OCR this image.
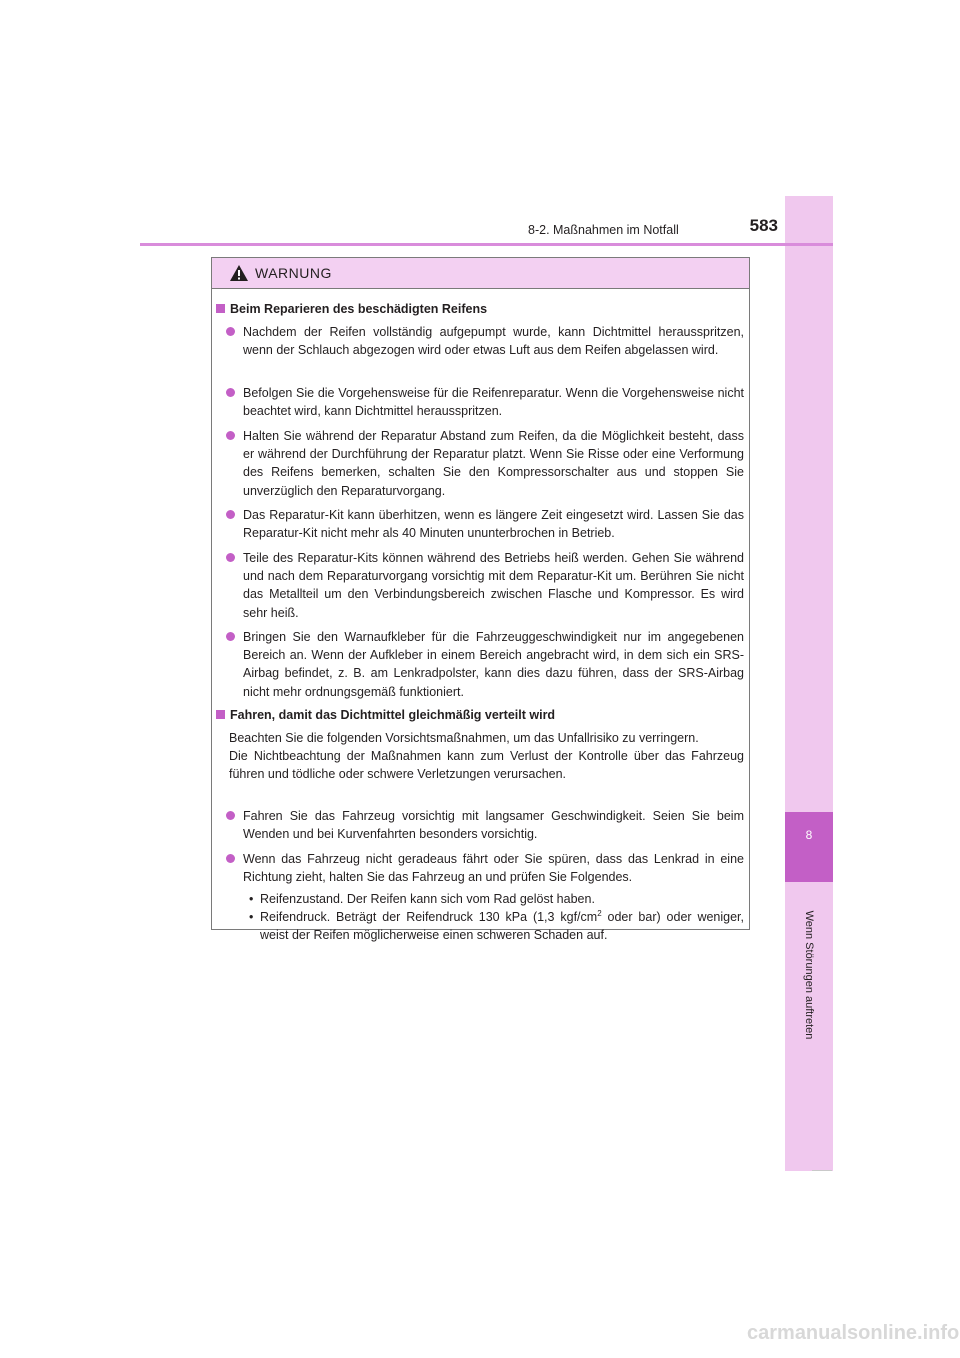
8
Wenn Störungen auftreten
8-2. Maßnahmen im Notfall	583
WARNUNG
Beim Reparieren des beschädigten Reifens

Nachdem der Reifen vollständig aufgepumpt wurde, kann Dichtmittel herausspritzen, wenn der Schlauch abgezogen wird oder etwas Luft aus dem Reifen abgelassen wird.

Befolgen Sie die Vorgehensweise für die Reifenreparatur. Wenn die Vorgehensweise nicht beachtet wird, kann Dichtmittel herausspritzen.

Halten Sie während der Reparatur Abstand zum Reifen, da die Möglichkeit besteht, dass er während der Durchführung der Reparatur platzt. Wenn Sie Risse oder eine Verformung des Reifens bemerken, schalten Sie den Kompressorschalter aus und stoppen Sie unverzüglich den Reparaturvorgang.

Das Reparatur-Kit kann überhitzen, wenn es längere Zeit eingesetzt wird. Lassen Sie das Reparatur-Kit nicht mehr als 40 Minuten ununterbrochen in Betrieb.

Teile des Reparatur-Kits können während des Betriebs heiß werden. Gehen Sie während und nach dem Reparaturvorgang vorsichtig mit dem Reparatur-Kit um. Berühren Sie nicht das Metallteil um den Verbindungsbereich zwischen Flasche und Kompressor. Es wird sehr heiß.

Bringen Sie den Warnaufkleber für die Fahrzeuggeschwindigkeit nur im angegebenen Bereich an. Wenn der Aufkleber in einem Bereich angebracht wird, in dem sich ein SRS-Airbag befindet, z. B. am Lenkradpolster, kann dies dazu führen, dass der SRS-Airbag nicht mehr ordnungsgemäß funktioniert.

Fahren, damit das Dichtmittel gleichmäßig verteilt wird

Beachten Sie die folgenden Vorsichtsmaßnahmen, um das Unfallrisiko zu verringern.

Die Nichtbeachtung der Maßnahmen kann zum Verlust der Kontrolle über das Fahrzeug führen und tödliche oder schwere Verletzungen verursachen.

Fahren Sie das Fahrzeug vorsichtig mit langsamer Geschwindigkeit. Seien Sie beim Wenden und bei Kurvenfahrten besonders vorsichtig.

Wenn das Fahrzeug nicht geradeaus fährt oder Sie spüren, dass das Lenkrad in eine Richtung zieht, halten Sie das Fahrzeug an und prüfen Sie Folgendes.

• Reifenzustand. Der Reifen kann sich vom Rad gelöst haben.

• Reifendruck. Beträgt der Reifendruck 130 kPa (1,3 kgf/$cm^2$ oder bar) oder weniger, weist der Reifen möglicherweise einen schweren Schaden auf.

carmanualsonline.info
